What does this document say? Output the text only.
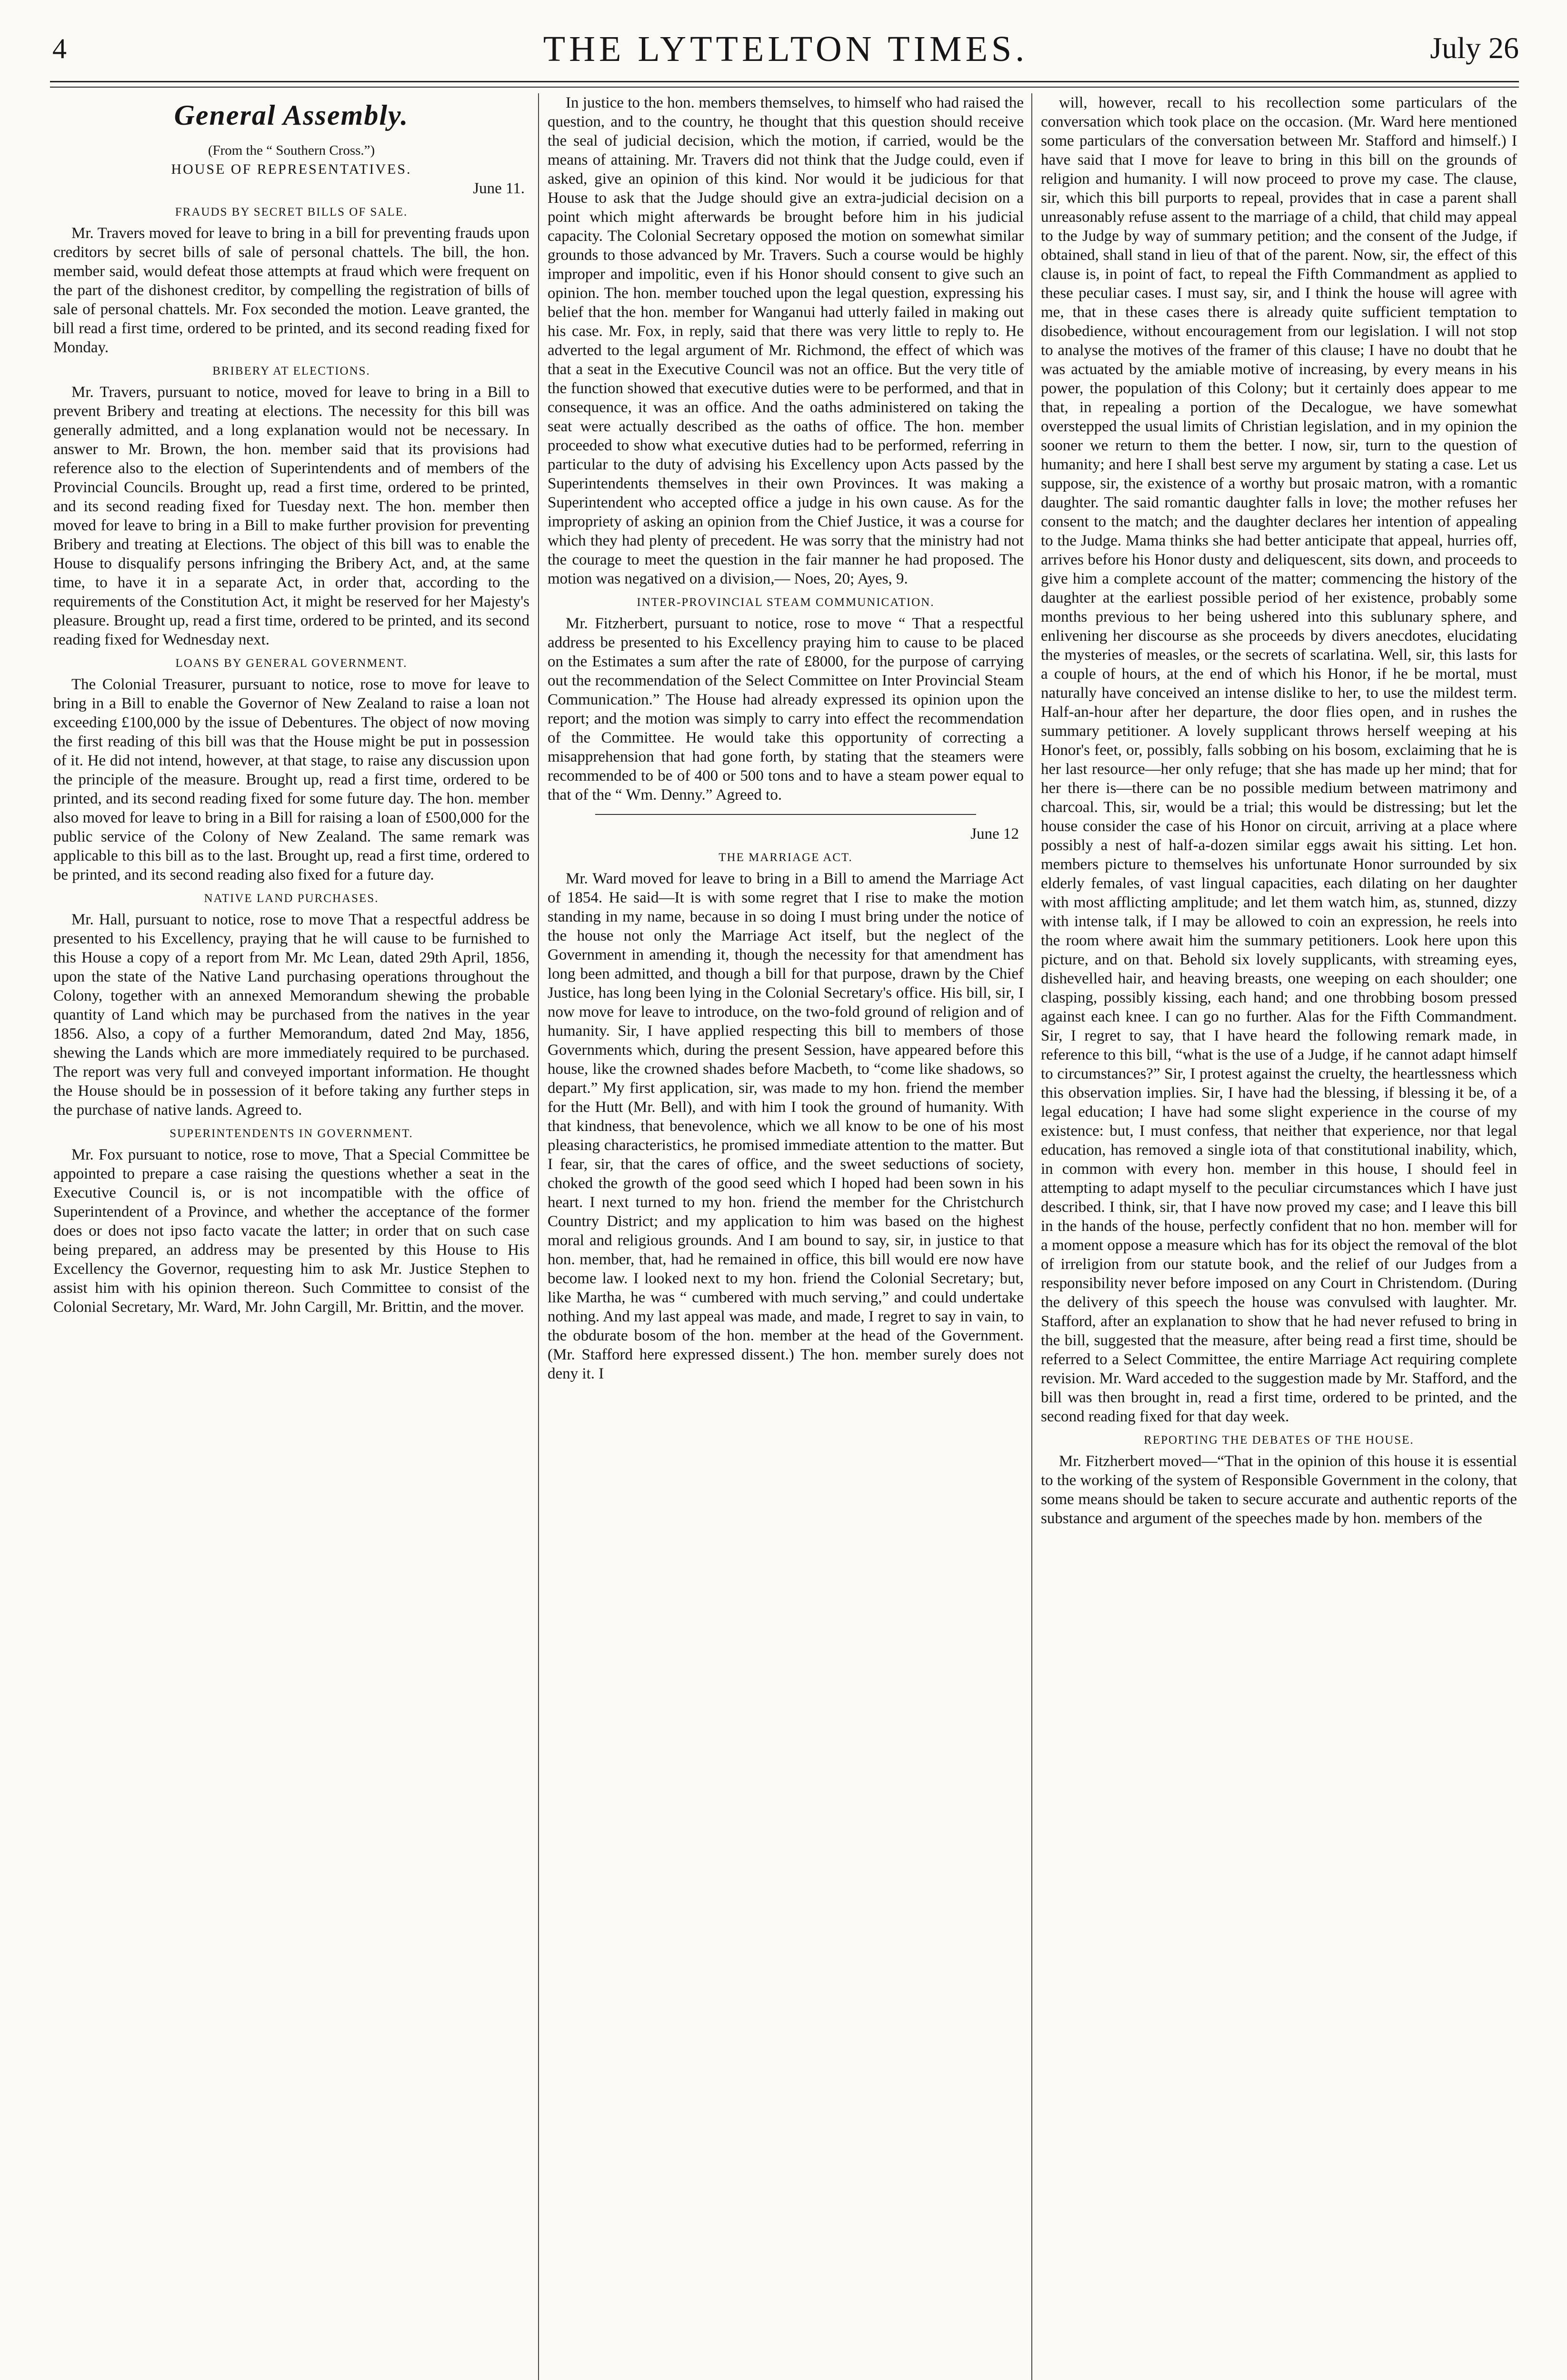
4	THE LYTTELTON TIMES.	July 26
General Assembly.

(From the “ Southern Cross.”)

HOUSE OF REPRESENTATIVES.

June 11.

FRAUDS BY SECRET BILLS OF SALE.

Mr. Travers moved for leave to bring in a bill for preventing frauds upon creditors by secret bills of sale of personal chattels. The bill, the hon. member said, would defeat those attempts at fraud which were frequent on the part of the dishonest creditor, by compelling the registration of bills of sale of personal chattels. Mr. Fox seconded the motion. Leave granted, the bill read a first time, ordered to be printed, and its second reading fixed for Monday.

BRIBERY AT ELECTIONS.

Mr. Travers, pursuant to notice, moved for leave to bring in a Bill to prevent Bribery and treating at elections. The necessity for this bill was generally admitted, and a long explanation would not be necessary. In answer to Mr. Brown, the hon. member said that its provisions had reference also to the election of Superintendents and of members of the Provincial Councils. Brought up, read a first time, ordered to be printed, and its second reading fixed for Tuesday next. The hon. member then moved for leave to bring in a Bill to make further provision for preventing Bribery and treating at Elections. The object of this bill was to enable the House to disqualify persons infringing the Bribery Act, and, at the same time, to have it in a separate Act, in order that, according to the requirements of the Constitution Act, it might be reserved for her Majesty's pleasure. Brought up, read a first time, ordered to be printed, and its second reading fixed for Wednesday next.

LOANS BY GENERAL GOVERNMENT.

The Colonial Treasurer, pursuant to notice, rose to move for leave to bring in a Bill to enable the Governor of New Zealand to raise a loan not exceeding £100,000 by the issue of Debentures. The object of now moving the first reading of this bill was that the House might be put in possession of it. He did not intend, however, at that stage, to raise any discussion upon the principle of the measure. Brought up, read a first time, ordered to be printed, and its second reading fixed for some future day. The hon. member also moved for leave to bring in a Bill for raising a loan of £500,000 for the public service of the Colony of New Zealand. The same remark was applicable to this bill as to the last. Brought up, read a first time, ordered to be printed, and its second reading also fixed for a future day.

NATIVE LAND PURCHASES.

Mr. Hall, pursuant to notice, rose to move That a respectful address be presented to his Excellency, praying that he will cause to be furnished to this House a copy of a report from Mr. Mc Lean, dated 29th April, 1856, upon the state of the Native Land purchasing operations throughout the Colony, together with an annexed Memorandum shewing the probable quantity of Land which may be purchased from the natives in the year 1856. Also, a copy of a further Memorandum, dated 2nd May, 1856, shewing the Lands which are more immediately required to be purchased. The report was very full and conveyed important information. He thought the House should be in possession of it before taking any further steps in the purchase of native lands. Agreed to.

SUPERINTENDENTS IN GOVERNMENT.

Mr. Fox pursuant to notice, rose to move, That a Special Committee be appointed to prepare a case raising the questions whether a seat in the Executive Council is, or is not incompatible with the office of Superintendent of a Province, and whether the acceptance of the former does or does not ipso facto vacate the latter; in order that on such case being prepared, an address may be presented by this House to His Excellency the Governor, requesting him to ask Mr. Justice Stephen to assist him with his opinion thereon. Such Committee to consist of the Colonial Secretary, Mr. Ward, Mr. John Cargill, Mr. Brittin, and the mover.

In justice to the hon. members themselves, to himself who had raised the question, and to the country, he thought that this question should receive the seal of judicial decision, which the motion, if carried, would be the means of attaining. Mr. Travers did not think that the Judge could, even if asked, give an opinion of this kind. Nor would it be judicious for that House to ask that the Judge should give an extra-judicial decision on a point which might afterwards be brought before him in his judicial capacity. The Colonial Secretary opposed the motion on somewhat similar grounds to those advanced by Mr. Travers. Such a course would be highly improper and impolitic, even if his Honor should consent to give such an opinion. The hon. member touched upon the legal question, expressing his belief that the hon. member for Wanganui had utterly failed in making out his case. Mr. Fox, in reply, said that there was very little to reply to. He adverted to the legal argument of Mr. Richmond, the effect of which was that a seat in the Executive Council was not an office. But the very title of the function showed that executive duties were to be performed, and that in consequence, it was an office. And the oaths administered on taking the seat were actually described as the oaths of office. The hon. member proceeded to show what executive duties had to be performed, referring in particular to the duty of advising his Excellency upon Acts passed by the Superintendents themselves in their own Provinces. It was making a Superintendent who accepted office a judge in his own cause. As for the impropriety of asking an opinion from the Chief Justice, it was a course for which they had plenty of precedent. He was sorry that the ministry had not the courage to meet the question in the fair manner he had proposed. The motion was negatived on a division,— Noes, 20; Ayes, 9.

INTER-PROVINCIAL STEAM COMMUNICATION.

Mr. Fitzherbert, pursuant to notice, rose to move “ That a respectful address be presented to his Excellency praying him to cause to be placed on the Estimates a sum after the rate of £8000, for the purpose of carrying out the recommendation of the Select Committee on Inter Provincial Steam Communication.” The House had already expressed its opinion upon the report; and the motion was simply to carry into effect the recommendation of the Committee. He would take this opportunity of correcting a misapprehension that had gone forth, by stating that the steamers were recommended to be of 400 or 500 tons and to have a steam power equal to that of the “ Wm. Denny.” Agreed to.

June 12

THE MARRIAGE ACT.

Mr. Ward moved for leave to bring in a Bill to amend the Marriage Act of 1854. He said—It is with some regret that I rise to make the motion standing in my name, because in so doing I must bring under the notice of the house not only the Marriage Act itself, but the neglect of the Government in amending it, though the necessity for that amendment has long been admitted, and though a bill for that purpose, drawn by the Chief Justice, has long been lying in the Colonial Secretary's office. His bill, sir, I now move for leave to introduce, on the two-fold ground of religion and of humanity. Sir, I have applied respecting this bill to members of those Governments which, during the present Session, have appeared before this house, like the crowned shades before Macbeth, to “come like shadows, so depart.” My first application, sir, was made to my hon. friend the member for the Hutt (Mr. Bell), and with him I took the ground of humanity. With that kindness, that benevolence, which we all know to be one of his most pleasing characteristics, he promised immediate attention to the matter. But I fear, sir, that the cares of office, and the sweet seductions of society, choked the growth of the good seed which I hoped had been sown in his heart. I next turned to my hon. friend the member for the Christchurch Country District; and my application to him was based on the highest moral and religious grounds. And I am bound to say, sir, in justice to that hon. member, that, had he remained in office, this bill would ere now have become law. I looked next to my hon. friend the Colonial Secretary; but, like Martha, he was “ cumbered with much serving,” and could undertake nothing. And my last appeal was made, and made, I regret to say in vain, to the obdurate bosom of the hon. member at the head of the Government. (Mr. Stafford here expressed dissent.) The hon. member surely does not deny it. I

will, however, recall to his recollection some particulars of the conversation which took place on the occasion. (Mr. Ward here mentioned some particulars of the conversation between Mr. Stafford and himself.) I have said that I move for leave to bring in this bill on the grounds of religion and humanity. I will now proceed to prove my case. The clause, sir, which this bill purports to repeal, provides that in case a parent shall unreasonably refuse assent to the marriage of a child, that child may appeal to the Judge by way of summary petition; and the consent of the Judge, if obtained, shall stand in lieu of that of the parent. Now, sir, the effect of this clause is, in point of fact, to repeal the Fifth Commandment as applied to these peculiar cases. I must say, sir, and I think the house will agree with me, that in these cases there is already quite sufficient temptation to disobedience, without encouragement from our legislation. I will not stop to analyse the motives of the framer of this clause; I have no doubt that he was actuated by the amiable motive of increasing, by every means in his power, the population of this Colony; but it certainly does appear to me that, in repealing a portion of the Decalogue, we have somewhat overstepped the usual limits of Christian legislation, and in my opinion the sooner we return to them the better. I now, sir, turn to the question of humanity; and here I shall best serve my argument by stating a case. Let us suppose, sir, the existence of a worthy but prosaic matron, with a romantic daughter. The said romantic daughter falls in love; the mother refuses her consent to the match; and the daughter declares her intention of appealing to the Judge. Mama thinks she had better anticipate that appeal, hurries off, arrives before his Honor dusty and deliquescent, sits down, and proceeds to give him a complete account of the matter; commencing the history of the daughter at the earliest possible period of her existence, probably some months previous to her being ushered into this sublunary sphere, and enlivening her discourse as she proceeds by divers anecdotes, elucidating the mysteries of measles, or the secrets of scarlatina. Well, sir, this lasts for a couple of hours, at the end of which his Honor, if he be mortal, must naturally have conceived an intense dislike to her, to use the mildest term. Half-an-hour after her departure, the door flies open, and in rushes the summary petitioner. A lovely supplicant throws herself weeping at his Honor's feet, or, possibly, falls sobbing on his bosom, exclaiming that he is her last resource—her only refuge; that she has made up her mind; that for her there is—there can be no possible medium between matrimony and charcoal. This, sir, would be a trial; this would be distressing; but let the house consider the case of his Honor on circuit, arriving at a place where possibly a nest of half-a-dozen similar eggs await his sitting. Let hon. members picture to themselves his unfortunate Honor surrounded by six elderly females, of vast lingual capacities, each dilating on her daughter with most afflicting amplitude; and let them watch him, as, stunned, dizzy with intense talk, if I may be allowed to coin an expression, he reels into the room where await him the summary petitioners. Look here upon this picture, and on that. Behold six lovely supplicants, with streaming eyes, dishevelled hair, and heaving breasts, one weeping on each shoulder; one clasping, possibly kissing, each hand; and one throbbing bosom pressed against each knee. I can go no further. Alas for the Fifth Commandment. Sir, I regret to say, that I have heard the following remark made, in reference to this bill, “what is the use of a Judge, if he cannot adapt himself to circumstances?” Sir, I protest against the cruelty, the heartlessness which this observation implies. Sir, I have had the blessing, if blessing it be, of a legal education; I have had some slight experience in the course of my existence: but, I must confess, that neither that experience, nor that legal education, has removed a single iota of that constitutional inability, which, in common with every hon. member in this house, I should feel in attempting to adapt myself to the peculiar circumstances which I have just described. I think, sir, that I have now proved my case; and I leave this bill in the hands of the house, perfectly confident that no hon. member will for a moment oppose a measure which has for its object the removal of the blot of irreligion from our statute book, and the relief of our Judges from a responsibility never before imposed on any Court in Christendom. (During the delivery of this speech the house was convulsed with laughter. Mr. Stafford, after an explanation to show that he had never refused to bring in the bill, suggested that the measure, after being read a first time, should be referred to a Select Committee, the entire Marriage Act requiring complete revision. Mr. Ward acceded to the suggestion made by Mr. Stafford, and the bill was then brought in, read a first time, ordered to be printed, and the second reading fixed for that day week.

REPORTING THE DEBATES OF THE HOUSE.

Mr. Fitzherbert moved—“That in the opinion of this house it is essential to the working of the system of Responsible Government in the colony, that some means should be taken to secure accurate and authentic reports of the substance and argument of the speeches made by hon. members of the
